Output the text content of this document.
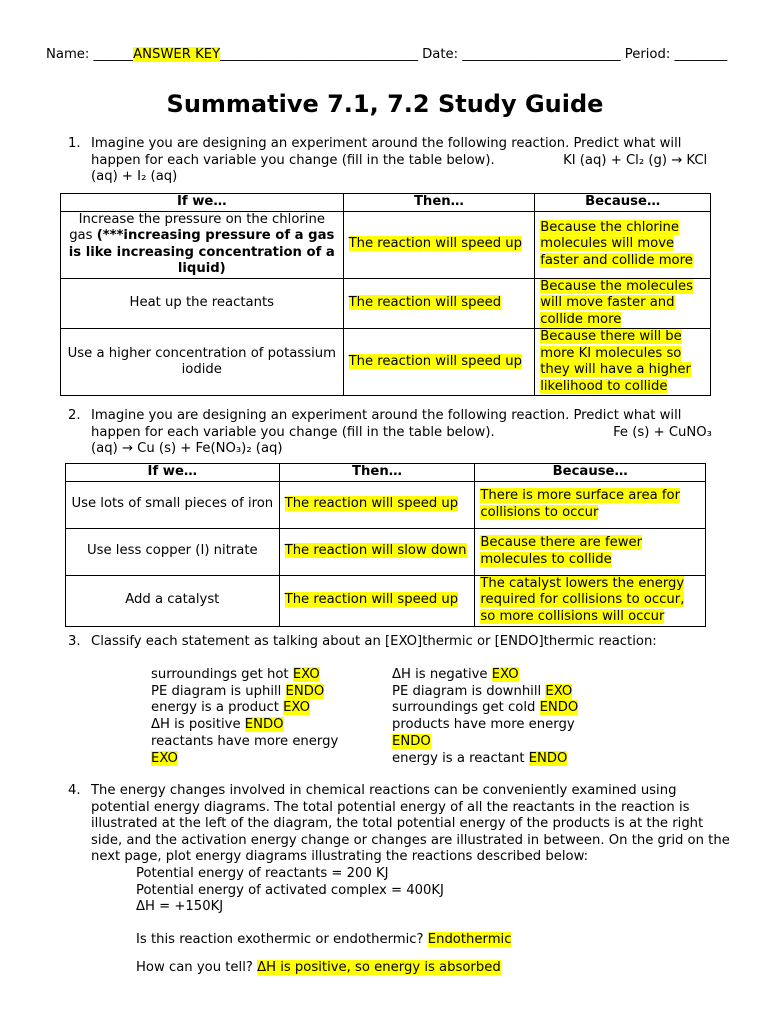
Name: ______ANSWER KEY______________________________ Date: ________________________ Period: ________
Summative 7.1, 7.2 Study Guide
1. Imagine you are designing an experiment around the following reaction. Predict what will happen for each variable you change (fill in the table below).	KI (aq) + Cl₂ (g) → KCl (aq) + I₂ (aq)
If we…	Then…	Because…
Increase the pressure on the chlorine gas (***increasing pressure of a gas is like increasing concentration of a liquid)	The reaction will speed up	Because the chlorine molecules will move faster and collide more
Heat up the reactants	The reaction will speed	Because the molecules will move faster and collide more
Use a higher concentration of potassium iodide	The reaction will speed up	Because there will be more KI molecules so they will have a higher likelihood to collide
2. Imagine you are designing an experiment around the following reaction. Predict what will happen for each variable you change (fill in the table below).	Fe (s) + CuNO₃ (aq) → Cu (s) + Fe(NO₃)₂ (aq)
If we…	Then…	Because…
Use lots of small pieces of iron	The reaction will speed up	There is more surface area for collisions to occur
Use less copper (I) nitrate	The reaction will slow down	Because there are fewer molecules to collide
Add a catalyst	The reaction will speed up	The catalyst lowers the energy required for collisions to occur, so more collisions will occur
3. Classify each statement as talking about an [EXO]thermic or [ENDO]thermic reaction:
surroundings get hot EXO
PE diagram is uphill ENDO
energy is a product EXO
ΔH is positive ENDO
reactants have more energy
EXO
ΔH is negative EXO
PE diagram is downhill EXO
surroundings get cold ENDO
products have more energy
ENDO
energy is a reactant ENDO
4. The energy changes involved in chemical reactions can be conveniently examined using potential energy diagrams. The total potential energy of all the reactants in the reaction is illustrated at the left of the diagram, the total potential energy of the products is at the right side, and the activation energy change or changes are illustrated in between. On the grid on the next page, plot energy diagrams illustrating the reactions described below:
Potential energy of reactants = 200 KJ
Potential energy of activated complex = 400KJ
ΔH = +150KJ
Is this reaction exothermic or endothermic? Endothermic
How can you tell? ΔH is positive, so energy is absorbed
